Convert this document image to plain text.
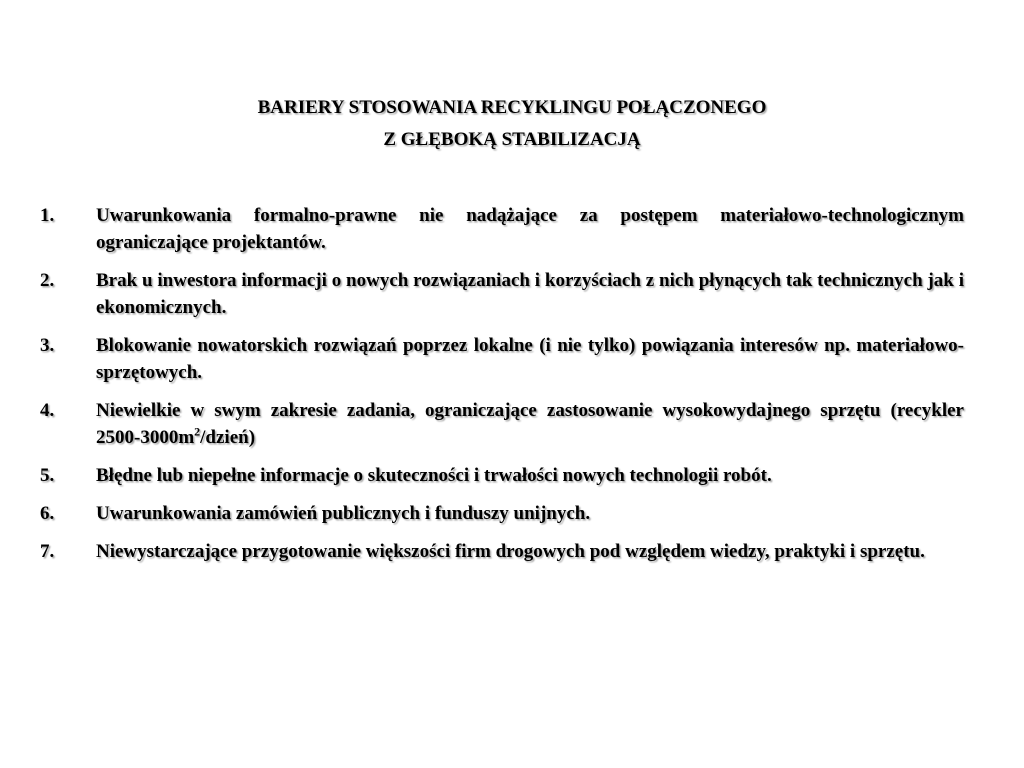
BARIERY STOSOWANIA RECYKLINGU POŁĄCZONEGO
Z GŁĘBOKĄ STABILIZACJĄ
1.	Uwarunkowania formalno-prawne nie nadążające za postępem materiałowo-technologicznym ograniczające projektantów.
2.	Brak u inwestora informacji o nowych rozwiązaniach i korzyściach z nich płynących tak technicznych jak i ekonomicznych.
3.	Blokowanie nowatorskich rozwiązań poprzez lokalne (i nie tylko) powiązania interesów np. materiałowo-sprzętowych.
4.	Niewielkie w swym zakresie zadania, ograniczające zastosowanie wysokowydajnego sprzętu (recykler $2500-3000m^2/dzień$)
5.	Błędne lub niepełne informacje o skuteczności i trwałości nowych technologii robót.
6.	Uwarunkowania zamówień publicznych i funduszy unijnych.
7.	Niewystarczające przygotowanie większości firm drogowych pod względem wiedzy, praktyki i sprzętu.
